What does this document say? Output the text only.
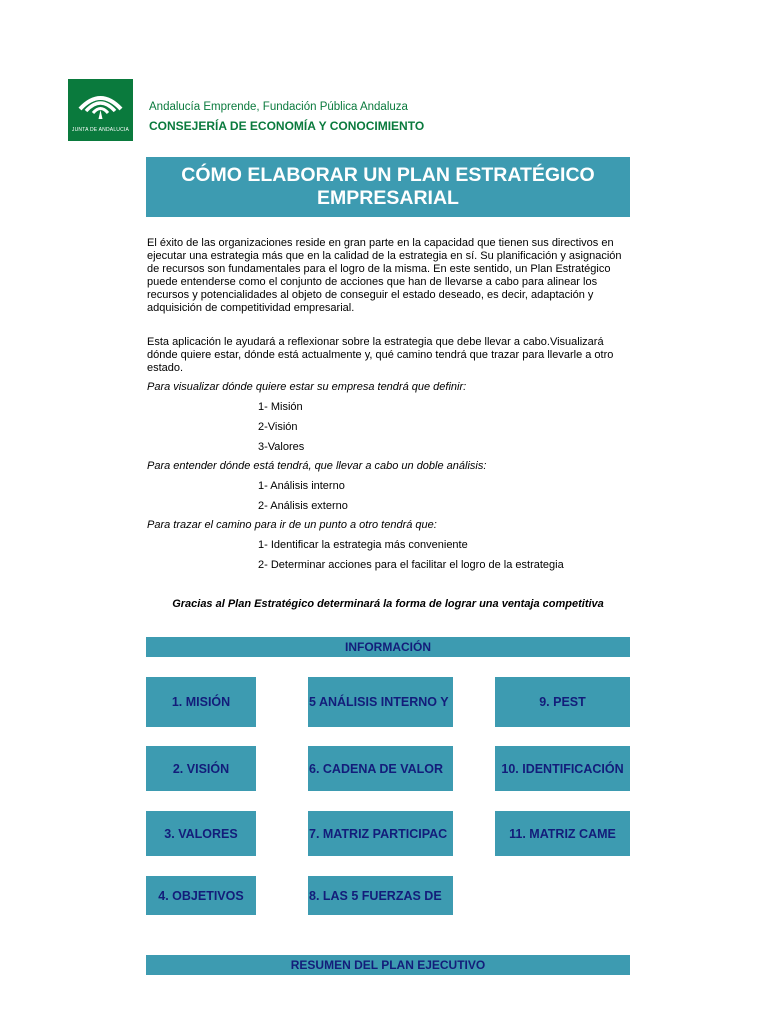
JUNTA DE ANDALUCIA
Andalucía Emprende, Fundación Pública Andaluza
CONSEJERÍA DE ECONOMÍA Y CONOCIMIENTO
CÓMO ELABORAR UN PLAN ESTRATÉGICO
EMPRESARIAL
El éxito de las organizaciones reside en gran parte en la capacidad que tienen sus directivos en ejecutar una estrategia más que en la calidad de la estrategia en sí. Su planificación y asignación de recursos son fundamentales para el logro de la misma. En este sentido, un Plan Estratégico puede entenderse como el conjunto de acciones que han de llevarse a cabo para alinear los recursos y potencialidades al objeto de conseguir el estado deseado, es decir, adaptación y adquisición de competitividad empresarial.
Esta aplicación le ayudará a reflexionar sobre la estrategia que debe llevar a cabo.Visualizará dónde quiere estar, dónde está actualmente y, qué camino tendrá que trazar para llevarle a otro estado.
Para visualizar dónde quiere estar su empresa tendrá que definir:
1- Misión
2-Visión
3-Valores
Para entender dónde está tendrá, que llevar a cabo un doble análisis:
1- Análisis interno
2- Análisis externo
Para trazar el camino para ir de un punto a otro tendrá que:
1- Identificar la estrategia más conveniente
2- Determinar acciones para el facilitar el logro de la estrategia
Gracias al Plan Estratégico determinará la forma de lograr una ventaja competitiva
INFORMACIÓN
1. MISIÓN
2. VISIÓN
3. VALORES
4. OBJETIVOS
5 ANÁLISIS INTERNO Y
6. CADENA DE VALOR
7. MATRIZ PARTICIPAC
8. LAS 5 FUERZAS DE
9. PEST
10. IDENTIFICACIÓN
11. MATRIZ CAME
RESUMEN DEL PLAN EJECUTIVO
